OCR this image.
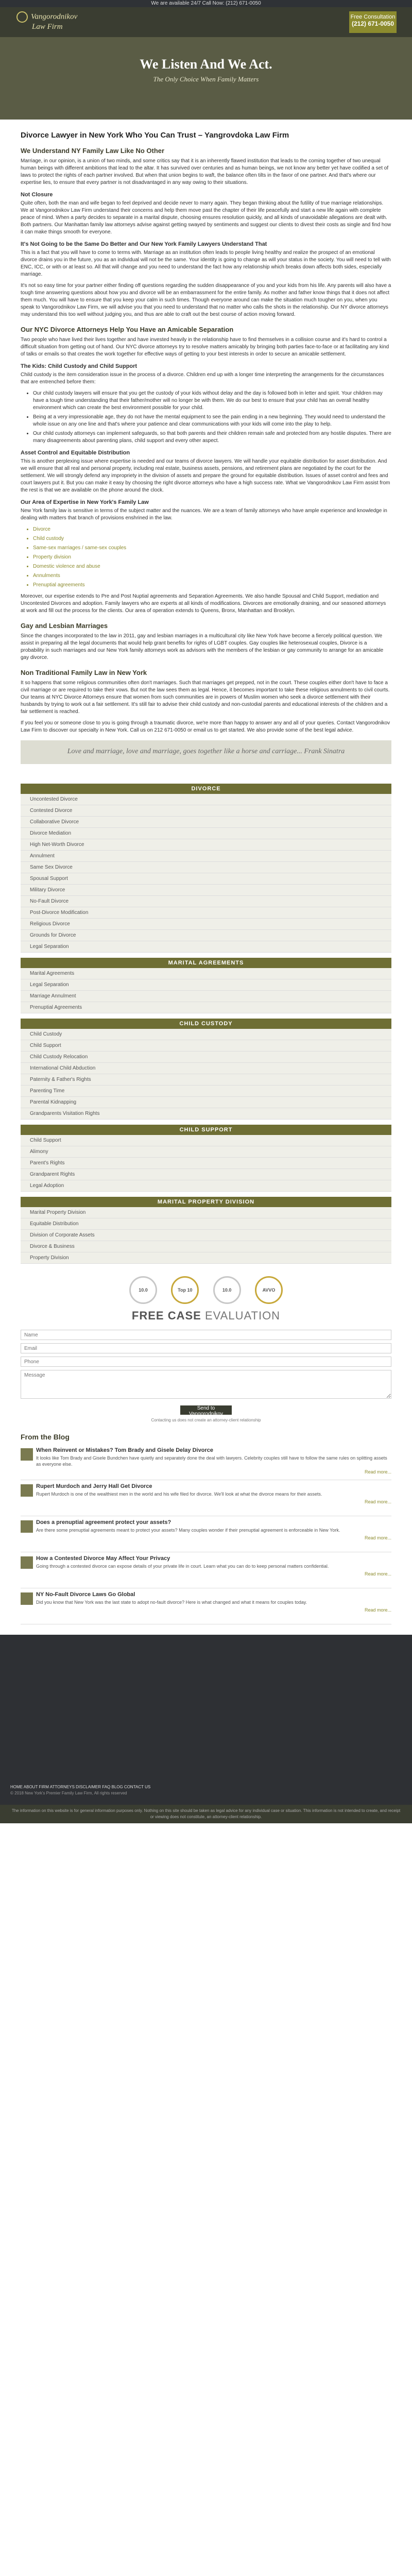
We are available 24/7 Call Now: (212) 671-0050
Vangorodnikov
Law Firm
Free Consultation
(212) 671-0050
We Listen And We Act.
The Only Choice When Family Matters
Divorce Lawyer in New York Who You Can Trust – Yangrovdoka Law Firm
We Understand NY Family Law Like No Other

Marriage, in our opinion, is a union of two minds, and some critics say that it is an inherently flawed institution that leads to the coming together of two unequal human beings with different ambitions that lead to the altar. It has survived over centuries and as human beings, we not know any better yet have codified a set of laws to protect the rights of each partner involved. But when that union begins to waft, the balance often tilts in the favor of one partner. And that's where our expertise lies, to ensure that every partner is not disadvantaged in any way owing to their situations.

Not Closure

Quite often, both the man and wife began to feel deprived and decide never to marry again. They began thinking about the futility of true marriage relationships. We at Vangorodnikov Law Firm understand their concerns and help them move past the chapter of their life peacefully and start a new life again with complete peace of mind. When a party decides to separate in a marital dispute, choosing ensures resolution quickly, and all kinds of unavoidable allegations are dealt with. Both partners. Our Manhattan family law attorneys advise against getting swayed by sentiments and suggest our clients to divest their costs as single and find how it can make things smooth for everyone.

It's Not Going to be the Same Do Better and Our New York Family Lawyers Understand That

This is a fact that you will have to come to terms with. Marriage as an institution often leads to people living healthy and realize the prospect of an emotional divorce drains you in the future, you as an individual will not be the same. Your identity is going to change as will your status in the society. You will need to tell with ENC, ICC, or with or at least so. All that will change and you need to understand the fact how any relationship which breaks down affects both sides, especially marriage.

It's not so easy time for your partner either finding off questions regarding the sudden disappearance of you and your kids from his life. Any parents will also have a tough time answering questions about how you and divorce will be an embarrassment for the entire family. As mother and father know things that it does not affect them much. You will have to ensure that you keep your calm in such times. Though everyone around can make the situation much tougher on you, when you speak to Vangorodnikov Law Firm, we will advise you that you need to understand that no matter who calls the shots in the relationship. Our NY divorce attorneys may understand this too well without judging you, and thus are able to craft out the best course of action moving forward.

Our NYC Divorce Attorneys Help You Have an Amicable Separation

Two people who have lived their lives together and have invested heavily in the relationship have to find themselves in a collision course and it's hard to control a difficult situation from getting out of hand. Our NYC divorce attorneys try to resolve matters amicably by bringing both parties face-to-face or at facilitating any kind of talks or emails so that creates the work together for effective ways of getting to your best interests in order to secure an amicable settlement.

The Kids: Child Custody and Child Support

Child custody is the item consideration issue in the process of a divorce. Children end up with a longer time interpreting the arrangements for the circumstances that are entrenched before them:

• Our child custody lawyers will ensure that you get the custody of your kids without delay and the day is followed both in letter and spirit. Your children may have a tough time understanding that their father/mother will no longer be with them. We do our best to ensure that your child has an overall healthy environment which can create the best environment possible for your child.
• Being at a very impressionable age, they do not have the mental equipment to see the pain ending in a new beginning. They would need to understand the whole issue on any one line and that's where your patience and clear communications with your kids will come into the play to help.
• Our child custody attorneys can implement safeguards, so that both parents and their children remain safe and protected from any hostile disputes. There are many disagreements about parenting plans, child support and every other aspect.
Asset Control and Equitable Distribution

This is another perplexing issue where expertise is needed and our teams of divorce lawyers. We will handle your equitable distribution for asset distribution. And we will ensure that all real and personal property, including real estate, business assets, pensions, and retirement plans are negotiated by the court for the settlement. We will strongly defend any impropriety in the division of assets and prepare the ground for equitable distribution. Issues of asset control and fees and court lawyers put it. But you can make it easy by choosing the right divorce attorneys who have a high success rate. What we Vangorodnikov Law Firm assist from the rest is that we are available on the phone around the clock.

Our Area of Expertise in New York's Family Law

New York family law is sensitive in terms of the subject matter and the nuances. We are a team of family attorneys who have ample experience and knowledge in dealing with matters that branch of provisions enshrined in the law.

• Divorce
• Child custody
• Same-sex marriages / same-sex couples
• Property division
• Domestic violence and abuse
• Annulments
• Prenuptial agreements

Moreover, our expertise extends to Pre and Post Nuptial agreements and Separation Agreements. We also handle Spousal and Child Support, mediation and Uncontested Divorces and adoption. Family lawyers who are experts at all kinds of modifications. Divorces are emotionally draining, and our seasoned attorneys at work and fill out the process for the clients. Our area of operation extends to Queens, Bronx, Manhattan and Brooklyn.

Gay and Lesbian Marriages

Since the changes incorporated to the law in 2011, gay and lesbian marriages in a multicultural city like New York have become a fiercely political question. We assist in preparing all the legal documents that would help grant benefits for rights of LGBT couples. Gay couples like heterosexual couples, Divorce is a probability in such marriages and our New York family attorneys work as advisors with the members of the lesbian or gay community to arrange for an amicable gay divorce.

Non Traditional Family Law in New York

It so happens that some religious communities often don't marriages. Such that marriages get prepped, not in the court. These couples either don't have to face a civil marriage or are required to take their vows. But not the law sees them as legal. Hence, it becomes important to take these religious annulments to civil courts. Our teams at NYC Divorce Attorneys ensure that women from such communities are in powers of Muslim women who seek a divorce settlement with their husbands by trying to work out a fair settlement. It's still fair to advise their child custody and non-custodial parents and educational interests of the children and a fair settlement is reached.

If you feel you or someone close to you is going through a traumatic divorce, we're more than happy to answer any and all of your queries. Contact Vangorodnikov Law Firm to discover our specialty in New York. Call us on 212 671-0050 or email us to get started. We also provide some of the best legal advice.

Love and marriage, love and marriage, goes together like a horse and carriage... Frank Sinatra
DIVORCE
Uncontested Divorce
Contested Divorce
Collaborative Divorce
Divorce Mediation
High Net-Worth Divorce
Annulment
Same Sex Divorce
Spousal Support
Military Divorce
No-Fault Divorce
Post-Divorce Modification
Religious Divorce
Grounds for Divorce
Legal Separation
MARITAL AGREEMENTS
Marital Agreements
Legal Separation
Marriage Annulment
Prenuptial Agreements
CHILD CUSTODY
Child Custody
Child Support
Child Custody Relocation
International Child Abduction
Paternity & Father's Rights
Parenting Time
Parental Kidnapping
Grandparents Visitation Rights
CHILD SUPPORT
Child Support
Alimony
Parent's Rights
Grandparent Rights
Legal Adoption
MARITAL PROPERTY DIVISION
Marital Property Division
Equitable Distribution
Division of Corporate Assets
Divorce & Business
Property Division
10.0	Top 10	10.0	AVVO
FREE CASE EVALUATION
Name Email Phone Message
Send to Vangorodnikov
Contacting us does not create an attorney-client relationship
From the Blog
When Reinvent or Mistakes? Tom Brady and Gisele Delay Divorce
It looks like Tom Brady and Gisele Bundchen have quietly and separately done the deal with lawyers. Celebrity couples still have to follow the same rules on splitting assets as everyone else.
Read more...
Rupert Murdoch and Jerry Hall Get Divorce
Rupert Murdoch is one of the wealthiest men in the world and his wife filed for divorce. We'll look at what the divorce means for their assets.
Read more...
Does a prenuptial agreement protect your assets?
Are there some prenuptial agreements meant to protect your assets? Many couples wonder if their prenuptial agreement is enforceable in New York.
Read more...
How a Contested Divorce May Affect Your Privacy
Going through a contested divorce can expose details of your private life in court. Learn what you can do to keep personal matters confidential.
Read more...
NY No-Fault Divorce Laws Go Global
Did you know that New York was the last state to adopt no-fault divorce? Here is what changed and what it means for couples today.
Read more...
HOME ABOUT FIRM ATTORNEYS DISCLAIMER FAQ BLOG CONTACT US
© 2018 New York's Premier Family Law Firm, All rights reserved
The information on this website is for general information purposes only. Nothing on this site should be taken as legal advice for any individual case or situation. This information is not intended to create, and receipt or viewing does not constitute, an attorney-client relationship.
